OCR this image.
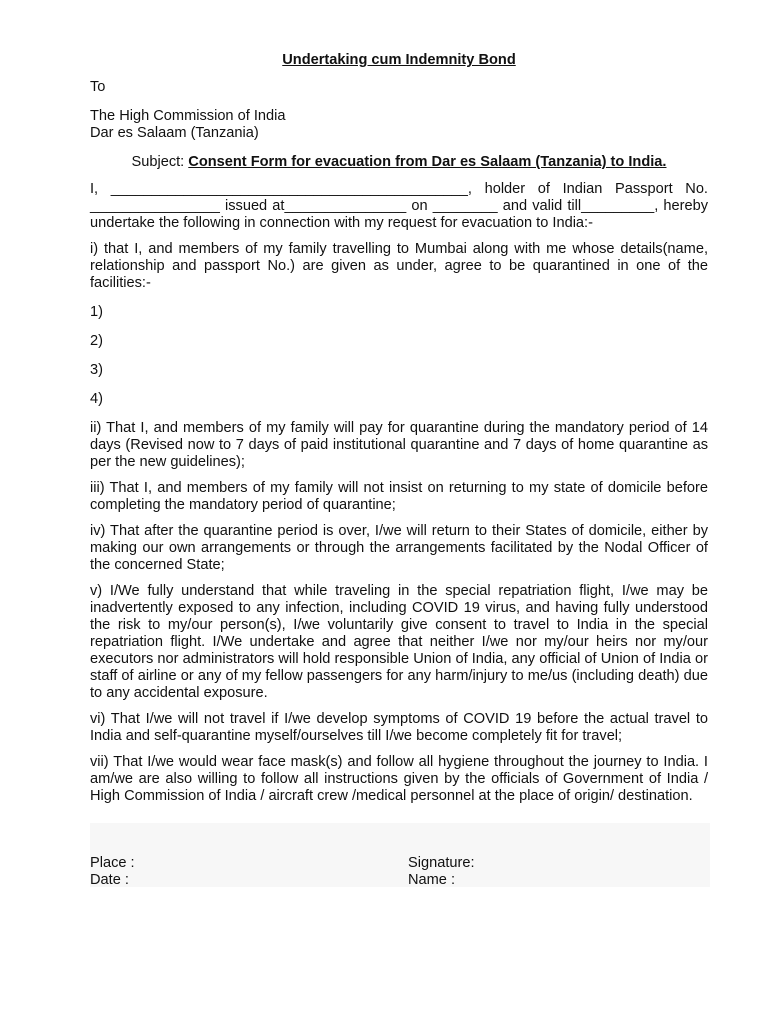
Undertaking cum Indemnity Bond
To
The High Commission of India
Dar es Salaam (Tanzania)
Subject: Consent Form for evacuation from Dar es Salaam (Tanzania) to India.

I, ____________________________________________, holder of Indian Passport No. ________________ issued at_______________ on ________ and valid till_________, hereby undertake the following in connection with my request for evacuation to India:-

i) that I, and members of my family travelling to Mumbai along with me whose details(name, relationship and passport No.) are given as under, agree to be quarantined in one of the facilities:-

1)
2)
3)
4)

ii) That I, and members of my family will pay for quarantine during the mandatory period of 14 days (Revised now to 7 days of paid institutional quarantine and 7 days of home quarantine as per the new guidelines);

iii) That I, and members of my family will not insist on returning to my state of domicile before completing the mandatory period of quarantine;

iv) That after the quarantine period is over, I/we will return to their States of domicile, either by making our own arrangements or through the arrangements facilitated by the Nodal Officer of the concerned State;

v) I/We fully understand that while traveling in the special repatriation flight, I/we may be inadvertently exposed to any infection, including COVID 19 virus, and having fully understood the risk to my/our person(s), I/we voluntarily give consent to travel to India in the special repatriation flight. I/We undertake and agree that neither I/we nor my/our heirs nor my/our executors nor administrators will hold responsible Union of India, any official of Union of India or staff of airline or any of my fellow passengers for any harm/injury to me/us (including death) due to any accidental exposure.

vi) That I/we will not travel if I/we develop symptoms of COVID 19 before the actual travel to India and self-quarantine myself/ourselves till I/we become completely fit for travel;

vii) That I/we would wear face mask(s) and follow all hygiene throughout the journey to India. I am/we are also willing to follow all instructions given by the officials of Government of India / High Commission of India / aircraft crew /medical personnel at the place of origin/ destination.

Place :
Date :
Signature:
Name :
